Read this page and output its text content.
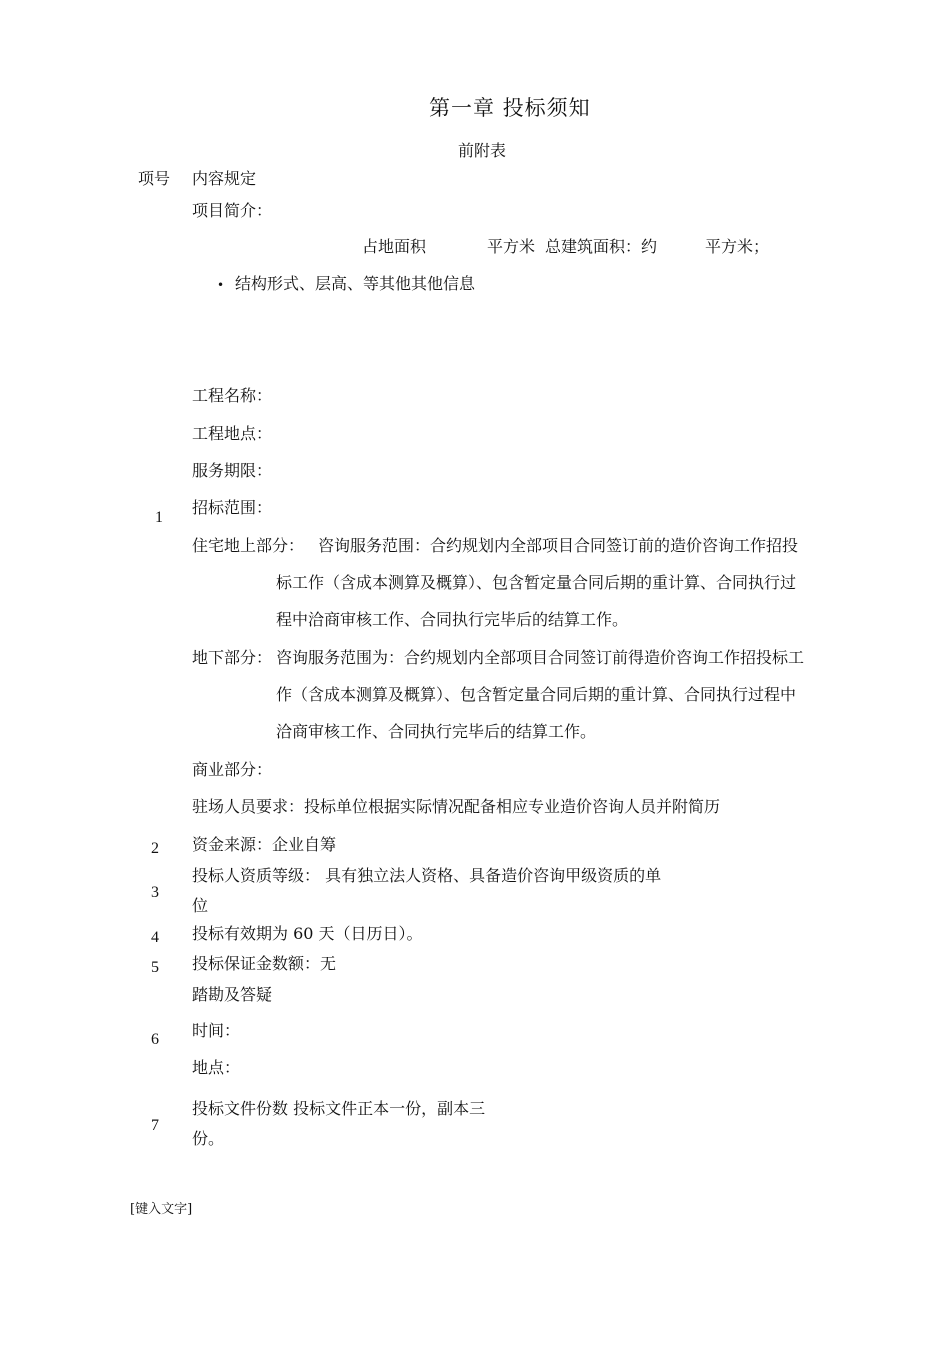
第一章 投标须知
前附表
项号 内容规定
项目简介：
占地面积	平方米 总建筑面积：约	平方米；
• 结构形式、层高、等其他其他信息
工程名称：
工程地点：
服务期限：
1
招标范围：
住宅地上部分： 咨询服务范围：合约规划内全部项目合同签订前的造价咨询工作招投
标工作（含成本测算及概算）、包含暂定量合同后期的重计算、合同执行过
程中洽商审核工作、合同执行完毕后的结算工作。
地下部分： 咨询服务范围为：合约规划内全部项目合同签订前得造价咨询工作招投标工
作（含成本测算及概算）、包含暂定量合同后期的重计算、合同执行过程中
洽商审核工作、合同执行完毕后的结算工作。
商业部分：
驻场人员要求：投标单位根据实际情况配备相应专业造价咨询人员并附简历
2 资金来源：企业自筹
3
投标人资质等级： 具有独立法人资格、具备造价咨询甲级资质的单
位
4 投标有效期为 60 天（日历日）。
5 投标保证金数额：无
踏勘及答疑
6 时间：
地点：
7
投标文件份数 投标文件正本一份，副本三
份。
[键入文字]
